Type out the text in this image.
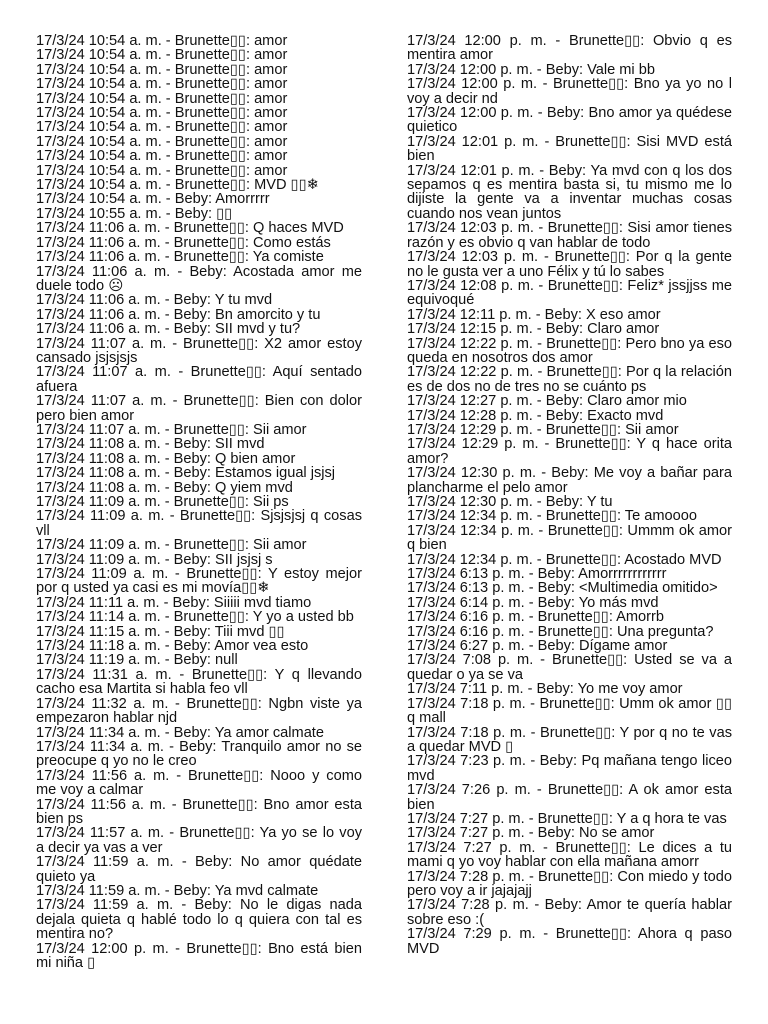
17/3/24 10:54 a. m. - Brunette▯▯: amor

17/3/24 10:54 a. m. - Brunette▯▯: amor

17/3/24 10:54 a. m. - Brunette▯▯: amor

17/3/24 10:54 a. m. - Brunette▯▯: amor

17/3/24 10:54 a. m. - Brunette▯▯: amor

17/3/24 10:54 a. m. - Brunette▯▯: amor

17/3/24 10:54 a. m. - Brunette▯▯: amor

17/3/24 10:54 a. m. - Brunette▯▯: amor

17/3/24 10:54 a. m. - Brunette▯▯: amor

17/3/24 10:54 a. m. - Brunette▯▯: amor

17/3/24 10:54 a. m. - Brunette▯▯: MVD ▯▯❄

17/3/24 10:54 a. m. - Beby: Amorrrrr

17/3/24 10:55 a. m. - Beby: ▯▯

17/3/24 11:06 a. m. - Brunette▯▯: Q haces MVD

17/3/24 11:06 a. m. - Brunette▯▯: Como estás

17/3/24 11:06 a. m. - Brunette▯▯: Ya comiste

17/3/24 11:06 a. m. - Beby: Acostada amor me duele todo ☹

17/3/24 11:06 a. m. - Beby: Y tu mvd

17/3/24 11:06 a. m. - Beby: Bn amorcito y tu

17/3/24 11:06 a. m. - Beby: SII mvd y tu?

17/3/24 11:07 a. m. - Brunette▯▯: X2 amor estoy cansado jsjsjsjs

17/3/24 11:07 a. m. - Brunette▯▯: Aquí sentado afuera

17/3/24 11:07 a. m. - Brunette▯▯: Bien con dolor pero bien amor

17/3/24 11:07 a. m. - Brunette▯▯: Sii amor

17/3/24 11:08 a. m. - Beby: SII mvd

17/3/24 11:08 a. m. - Beby: Q bien amor

17/3/24 11:08 a. m. - Beby: Estamos igual jsjsj

17/3/24 11:08 a. m. - Beby: Q yiem mvd

17/3/24 11:09 a. m. - Brunette▯▯: Sii ps

17/3/24 11:09 a. m. - Brunette▯▯: Sjsjsjsj q cosas vll

17/3/24 11:09 a. m. - Brunette▯▯: Sii amor

17/3/24 11:09 a. m. - Beby: SII jsjsj s

17/3/24 11:09 a. m. - Brunette▯▯: Y estoy mejor por q usted ya casi es mi movía▯▯❄

17/3/24 11:11 a. m. - Beby: Siiiii mvd tiamo

17/3/24 11:14 a. m. - Brunette▯▯: Y yo a usted bb

17/3/24 11:15 a. m. - Beby: Tiii mvd ▯▯

17/3/24 11:18 a. m. - Beby: Amor vea esto

17/3/24 11:19 a. m. - Beby: null

17/3/24 11:31 a. m. - Brunette▯▯: Y q llevando cacho esa Martita si habla feo vll

17/3/24 11:32 a. m. - Brunette▯▯: Ngbn viste ya empezaron hablar njd

17/3/24 11:34 a. m. - Beby: Ya amor calmate

17/3/24 11:34 a. m. - Beby: Tranquilo amor no se preocupe q yo no le creo

17/3/24 11:56 a. m. - Brunette▯▯: Nooo y como me voy a calmar

17/3/24 11:56 a. m. - Brunette▯▯: Bno amor esta bien ps

17/3/24 11:57 a. m. - Brunette▯▯: Ya yo se lo voy a decir ya vas a ver

17/3/24 11:59 a. m. - Beby: No amor quédate quieto ya

17/3/24 11:59 a. m. - Beby: Ya mvd calmate

17/3/24 11:59 a. m. - Beby: No le digas nada dejala quieta q hablé todo lo q quiera con tal es mentira no?

17/3/24 12:00 p. m. - Brunette▯▯: Bno está bien mi niña ▯

17/3/24 12:00 p. m. - Brunette▯▯: Obvio q es mentira amor

17/3/24 12:00 p. m. - Beby: Vale mi bb

17/3/24 12:00 p. m. - Brunette▯▯: Bno ya yo no l voy a decir nd

17/3/24 12:00 p. m. - Beby: Bno amor ya quédese quietico

17/3/24 12:01 p. m. - Brunette▯▯: Sisi MVD está bien

17/3/24 12:01 p. m. - Beby: Ya mvd con q los dos sepamos q es mentira basta si, tu mismo me lo dijiste la gente va a inventar muchas cosas cuando nos vean juntos

17/3/24 12:03 p. m. - Brunette▯▯: Sisi amor tienes razón y es obvio q van hablar de todo

17/3/24 12:03 p. m. - Brunette▯▯: Por q la gente no le gusta ver a uno Félix y tú lo sabes

17/3/24 12:08 p. m. - Brunette▯▯: Feliz* jssjjss me equivoqué

17/3/24 12:11 p. m. - Beby: X eso amor

17/3/24 12:15 p. m. - Beby: Claro amor

17/3/24 12:22 p. m. - Brunette▯▯: Pero bno ya eso queda en nosotros dos amor

17/3/24 12:22 p. m. - Brunette▯▯: Por q la relación es de dos no de tres no se cuánto ps

17/3/24 12:27 p. m. - Beby: Claro amor mio

17/3/24 12:28 p. m. - Beby: Exacto mvd

17/3/24 12:29 p. m. - Brunette▯▯: Sii amor

17/3/24 12:29 p. m. - Brunette▯▯: Y q hace orita amor?

17/3/24 12:30 p. m. - Beby: Me voy a bañar para plancharme el pelo amor

17/3/24 12:30 p. m. - Beby: Y tu

17/3/24 12:34 p. m. - Brunette▯▯: Te amoooo

17/3/24 12:34 p. m. - Brunette▯▯: Ummm ok amor q bien

17/3/24 12:34 p. m. - Brunette▯▯: Acostado MVD

17/3/24 6:13 p. m. - Beby: Amorrrrrrrrrrrr

17/3/24 6:13 p. m. - Beby: <Multimedia omitido>

17/3/24 6:14 p. m. - Beby: Yo más mvd

17/3/24 6:16 p. m. - Brunette▯▯: Amorrb

17/3/24 6:16 p. m. - Brunette▯▯: Una pregunta?

17/3/24 6:27 p. m. - Beby: Dígame amor

17/3/24 7:08 p. m. - Brunette▯▯: Usted se va a quedar o ya se va

17/3/24 7:11 p. m. - Beby: Yo me voy amor

17/3/24 7:18 p. m. - Brunette▯▯: Umm ok amor ▯▯ q mall

17/3/24 7:18 p. m. - Brunette▯▯: Y por q no te vas a quedar MVD ▯

17/3/24 7:23 p. m. - Beby: Pq mañana tengo liceo mvd

17/3/24 7:26 p. m. - Brunette▯▯: A ok amor esta bien

17/3/24 7:27 p. m. - Brunette▯▯: Y a q hora te vas

17/3/24 7:27 p. m. - Beby: No se amor

17/3/24 7:27 p. m. - Brunette▯▯: Le dices a tu mami q yo voy hablar con ella mañana amorr

17/3/24 7:28 p. m. - Brunette▯▯: Con miedo y todo pero voy a ir jajajajj

17/3/24 7:28 p. m. - Beby: Amor te quería hablar sobre eso :(

17/3/24 7:29 p. m. - Brunette▯▯: Ahora q paso MVD
